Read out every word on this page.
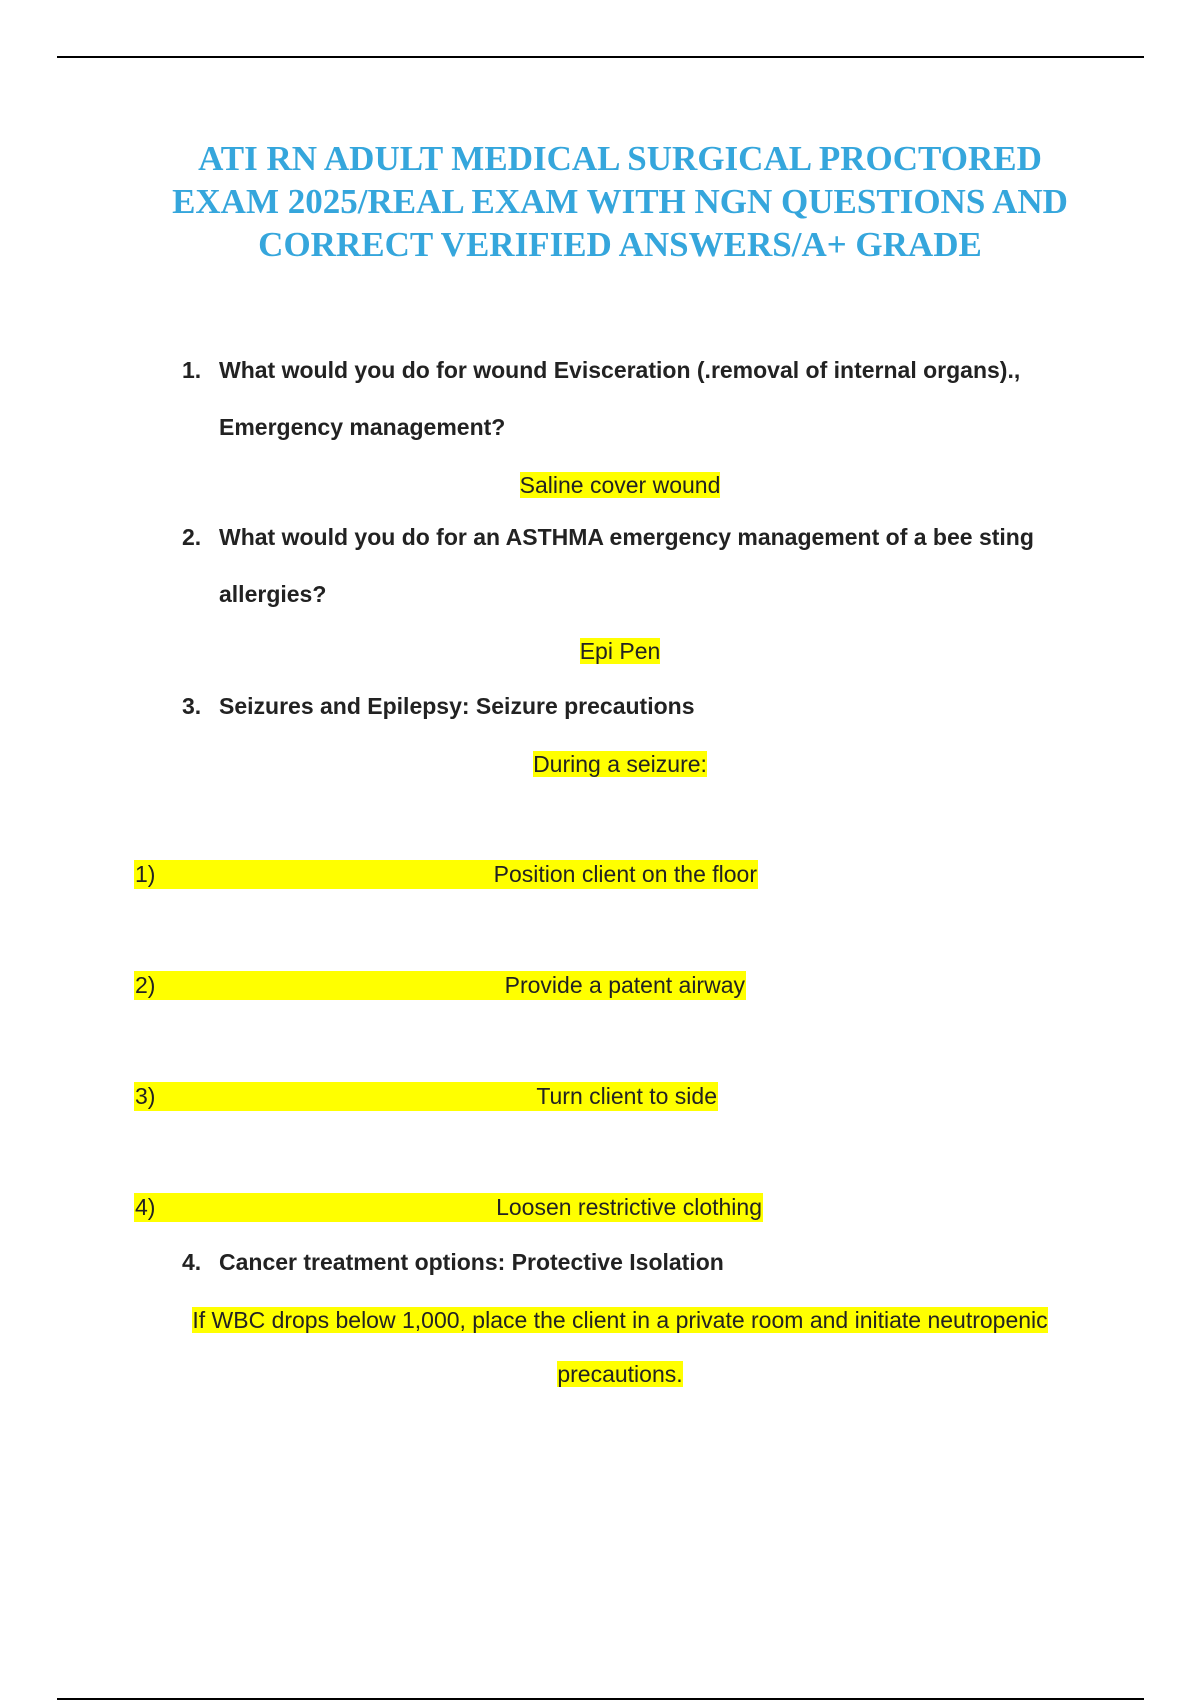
ATI RN ADULT MEDICAL SURGICAL PROCTORED
EXAM 2025/REAL EXAM WITH NGN QUESTIONS AND
CORRECT VERIFIED ANSWERS/A+ GRADE
1. What would you do for wound Evisceration (.removal of internal organs)., Emergency management?
Saline cover wound
2. What would you do for an ASTHMA emergency management of a bee sting allergies?
Epi Pen
3. Seizures and Epilepsy: Seizure precautions
During a seizure:
1)	Position client on the floor
2)	Provide a patent airway
3)	Turn client to side
4)	Loosen restrictive clothing
4. Cancer treatment options: Protective Isolation
If WBC drops below 1,000, place the client in a private room and initiate neutropenic
precautions.
